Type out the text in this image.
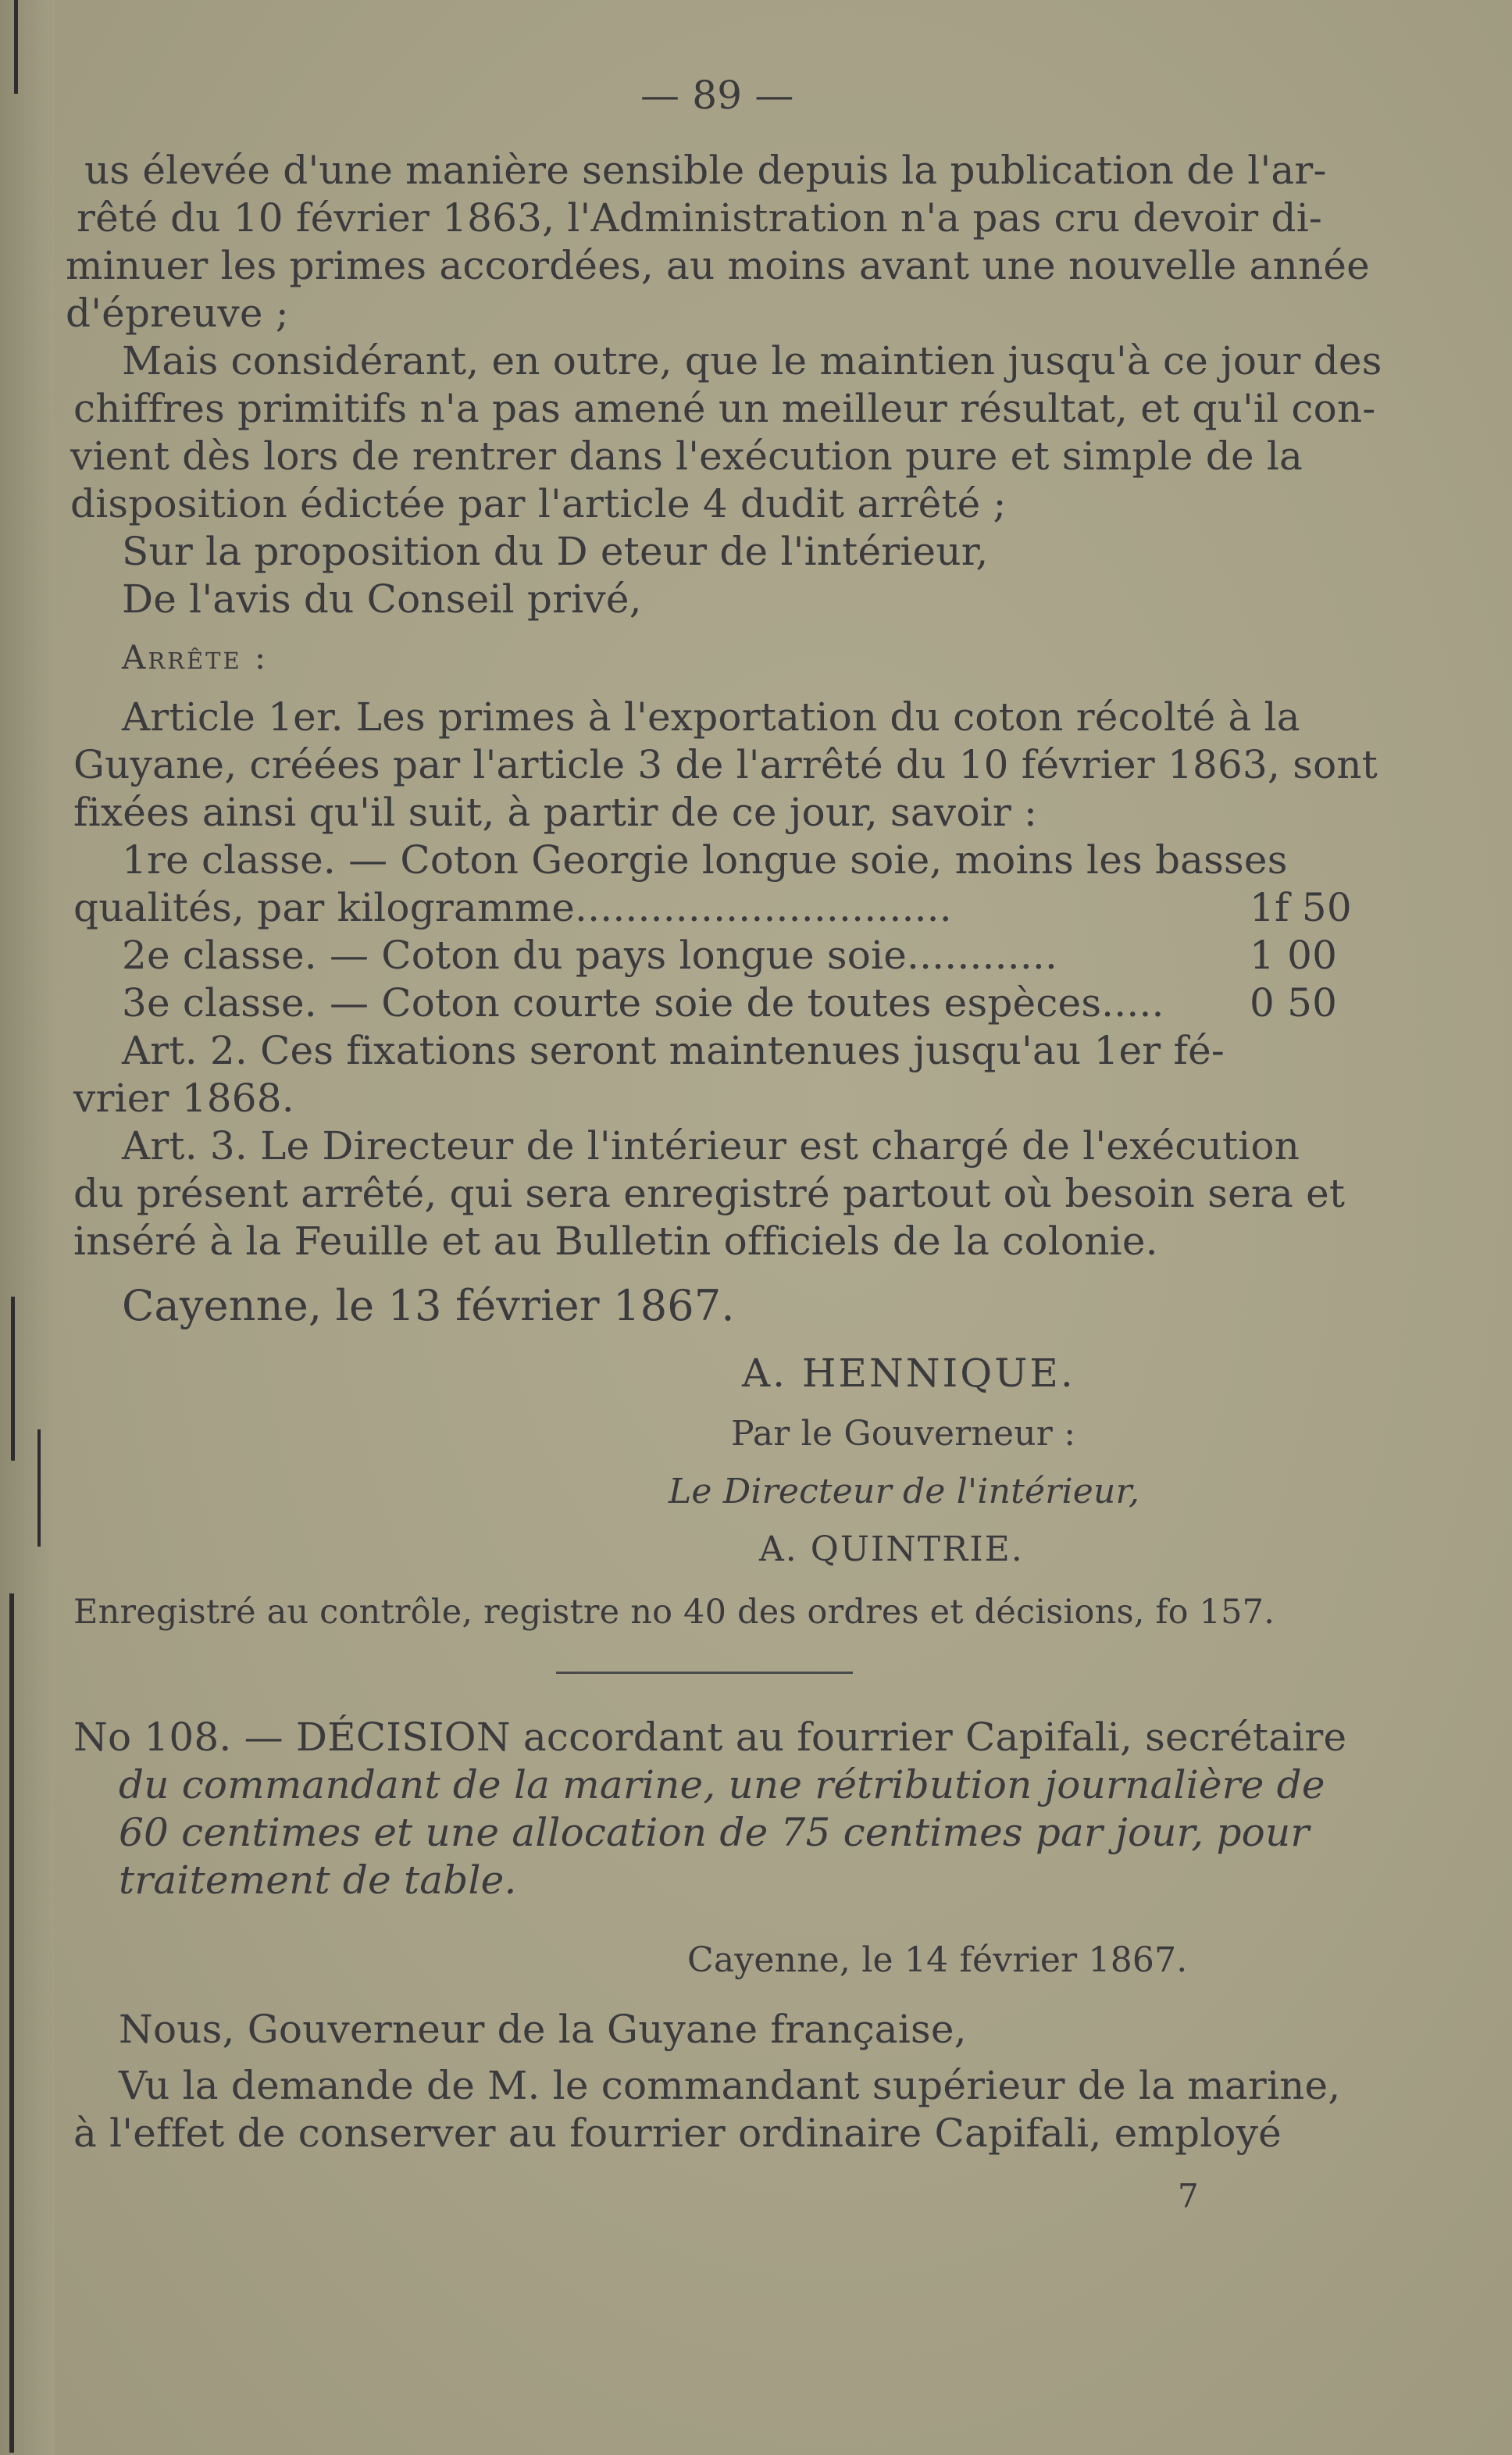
— 89 —

us élevée d'une manière sensible depuis la publication de l'ar-

rêté du 10 février 1863, l'Administration n'a pas cru devoir di-

minuer les primes accordées, au moins avant une nouvelle année

d'épreuve ;

Mais considérant, en outre, que le maintien jusqu'à ce jour des

chiffres primitifs n'a pas amené un meilleur résultat, et qu'il con-

vient dès lors de rentrer dans l'exécution pure et simple de la

disposition édictée par l'article 4 dudit arrêté ;

Sur la proposition du D eteur de l'intérieur,

De l'avis du Conseil privé,

Arrête :

Article 1er. Les primes à l'exportation du coton récolté à la

Guyane, créées par l'article 3 de l'arrêté du 10 février 1863, sont

fixées ainsi qu'il suit, à partir de ce jour, savoir :

1re classe. — Coton Georgie longue soie, moins les basses

qualités, par kilogramme..............................	1f 50

2e classe. — Coton du pays longue soie............	1 00

3e classe. — Coton courte soie de toutes espèces..... 0 50

Art. 2. Ces fixations seront maintenues jusqu'au 1er fé-

vrier 1868.

Art. 3. Le Directeur de l'intérieur est chargé de l'exécution

du présent arrêté, qui sera enregistré partout où besoin sera et

inséré à la Feuille et au Bulletin officiels de la colonie.

Cayenne, le 13 février 1867.

A. HENNIQUE.

Par le Gouverneur :

Le Directeur de l'intérieur,

A. QUINTRIE.

Enregistré au contrôle, registre no 40 des ordres et décisions, fo 157.

No 108. — DÉCISION accordant au fourrier Capifali, secrétaire

du commandant de la marine, une rétribution journalière de

60 centimes et une allocation de 75 centimes par jour, pour

traitement de table.

Cayenne, le 14 février 1867.

Nous, Gouverneur de la Guyane française,

Vu la demande de M. le commandant supérieur de la marine,

à l'effet de conserver au fourrier ordinaire Capifali, employé

7
